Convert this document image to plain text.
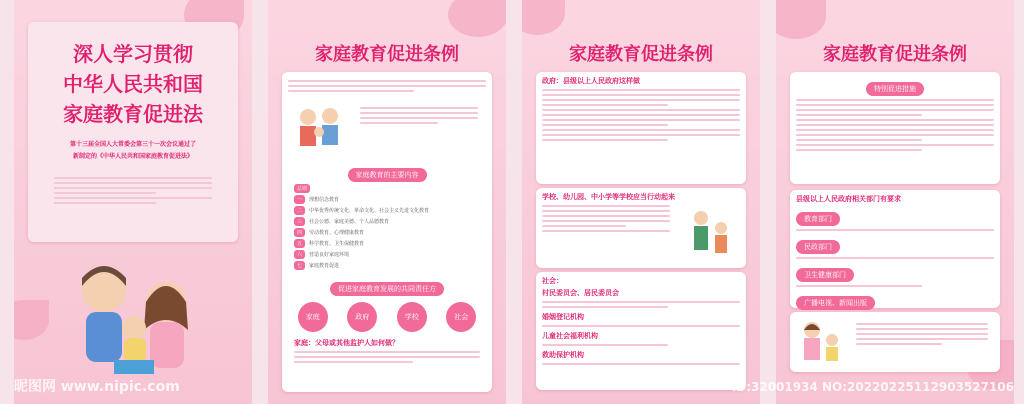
深人学习贯彻
中华人民共和国
家庭教育促进法
第十三届全国人大常委会第三十一次会议通过了
新制定的《中华人民共和国家庭教育促进法》
家庭教育促进条例
家庭教育的主要内容
总则
一	理想信念教育
二	中华优秀传统文化、革命文化、社会主义先进文化教育
三	社会公德、家庭美德、个人品德教育
四	劳动教育、心理健康教育
五	科学教育、卫生保健教育
六	营造良好家庭环境
七	家庭教育促进
促进家庭教育发展的共同责任方
家庭	政府	学校	社会
家庭：父母或其他监护人如何做？
家庭教育促进条例
政府：县级以上人民政府这样做
学校、幼儿园、中小学等学校应当行动起来
社会：
村民委员会、居民委员会
婚姻登记机构
儿童社会福利机构
救助保护机构
家庭教育促进条例
特别促进措施
县级以上人民政府相关部门有要求
教育部门
民政部门
卫生健康部门
广播电视、新闻出版
昵图网 www.nipic.com	ID:32001934 NO:20220225112903527106
